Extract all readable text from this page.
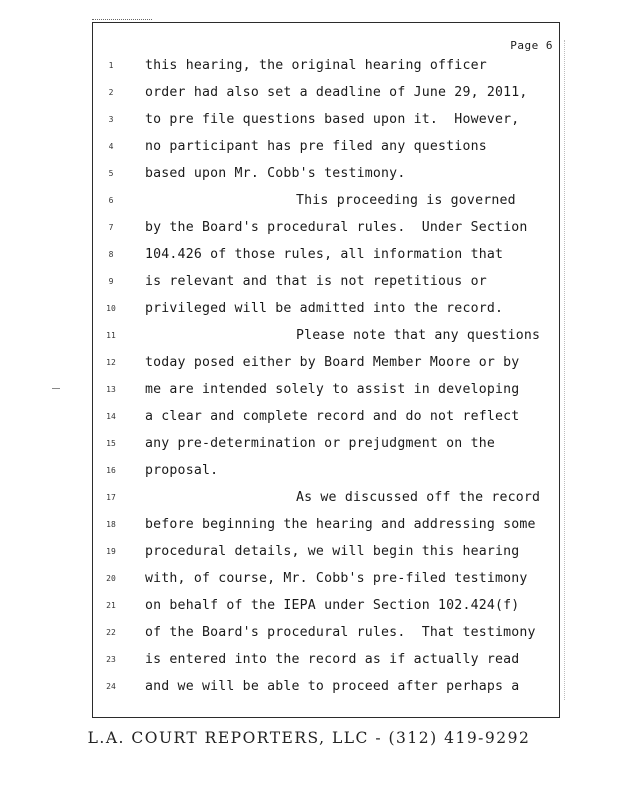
Page 6
1	this hearing, the original hearing officer
2	order had also set a deadline of June 29, 2011,
3	to pre file questions based upon it.  However,
4	no participant has pre filed any questions
5	based upon Mr. Cobb's testimony.
6	This proceeding is governed
7	by the Board's procedural rules.  Under Section
8	104.426 of those rules, all information that
9	is relevant and that is not repetitious or
10	privileged will be admitted into the record.
11	Please note that any questions
12	today posed either by Board Member Moore or by
13	me are intended solely to assist in developing
14	a clear and complete record and do not reflect
15	any pre-determination or prejudgment on the
16	proposal.
17	As we discussed off the record
18	before beginning the hearing and addressing some
19	procedural details, we will begin this hearing
20	with, of course, Mr. Cobb's pre-filed testimony
21	on behalf of the IEPA under Section 102.424(f)
22	of the Board's procedural rules.  That testimony
23	is entered into the record as if actually read
24	and we will be able to proceed after perhaps a
L.A. COURT REPORTERS, LLC - (312) 419-9292
